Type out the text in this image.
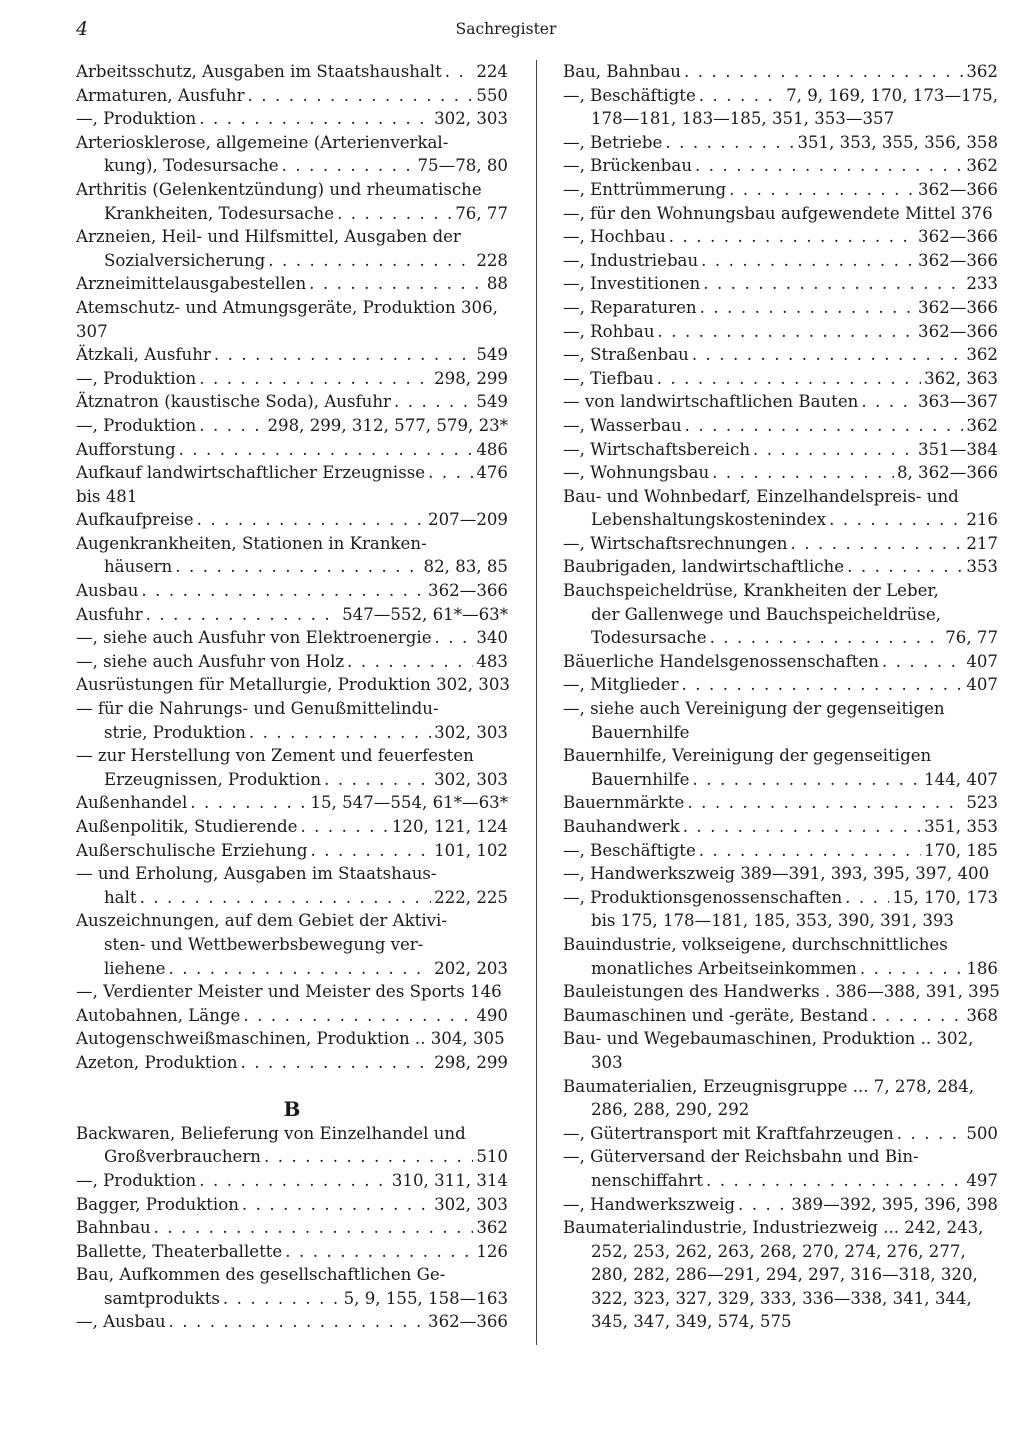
4	Sachregister
Arbeitsschutz, Ausgaben im Staatshaushalt . . . 224
Armaturen, Ausfuhr . . .	550
—, Produktion . . .	302, 303
Arteriosklerose, allgemeine (Arterienverkal-
kung), Todesursache . . .	75—78, 80
Arthritis (Gelenkentzündung) und rheumatische
Krankheiten, Todesursache . . .	76, 77
Arzneien, Heil- und Hilfsmittel, Ausgaben der
Sozialversicherung . . .	228
Arzneimittelausgabestellen . . .	88
Atemschutz- und Atmungsgeräte, Produktion 306,
307
Ätzkali, Ausfuhr . . .	549
—, Produktion . . .	298, 299
Ätznatron (kaustische Soda), Ausfuhr . . .	549
—, Produktion . . .	298, 299, 312, 577, 579, 23*
Aufforstung . . .	486
Aufkauf landwirtschaftlicher Erzeugnisse . . .	476
bis 481
Aufkaufpreise . . .	207—209
Augenkrankheiten, Stationen in Kranken-
häusern . . .	82, 83, 85
Ausbau . . .	362—366
Ausfuhr . . .	547—552, 61*—63*
—, siehe auch Ausfuhr von Elektroenergie . . .	340
—, siehe auch Ausfuhr von Holz . . .	483
Ausrüstungen für Metallurgie, Produktion 302, 303
— für die Nahrungs- und Genußmittelindu-
strie, Produktion . . .	302, 303
— zur Herstellung von Zement und feuerfesten
Erzeugnissen, Produktion . . .	302, 303
Außenhandel . . .	15, 547—554, 61*—63*
Außenpolitik, Studierende . . .	120, 121, 124
Außerschulische Erziehung . . .	101, 102
— und Erholung, Ausgaben im Staatshaus-
halt . . .	222, 225
Auszeichnungen, auf dem Gebiet der Aktivi-
sten- und Wettbewerbsbewegung ver-
liehene . . .	202, 203
—, Verdienter Meister und Meister des Sports 146
Autobahnen, Länge . . .	490
Autogenschweißmaschinen, Produktion .. 304, 305
Azeton, Produktion . . .	298, 299
B
Backwaren, Belieferung von Einzelhandel und
Großverbrauchern . . .	510
—, Produktion . . .	310, 311, 314
Bagger, Produktion . . .	302, 303
Bahnbau . . .	362
Ballette, Theaterballette . . .	126
Bau, Aufkommen des gesellschaftlichen Ge-
samtprodukts . . .	5, 9, 155, 158—163
—, Ausbau . . .	362—366
Bau, Bahnbau . . .	362
—, Beschäftigte . . .	7, 9, 169, 170, 173—175,
178—181, 183—185, 351, 353—357
—, Betriebe . . .	351, 353, 355, 356, 358
—, Brückenbau . . .	362
—, Enttrümmerung . . .	362—366
—, für den Wohnungsbau aufgewendete Mittel 376
—, Hochbau . . .	362—366
—, Industriebau . . .	362—366
—, Investitionen . . .	233
—, Reparaturen . . .	362—366
—, Rohbau . . .	362—366
—, Straßenbau . . .	362
—, Tiefbau . . .	362, 363
— von landwirtschaftlichen Bauten . . .	363—367
—, Wasserbau . . .	362
—, Wirtschaftsbereich . . .	351—384
—, Wohnungsbau . . .	8, 362—366
Bau- und Wohnbedarf, Einzelhandelspreis- und
Lebenshaltungskostenindex . . .	216
—, Wirtschaftsrechnungen . . .	217
Baubrigaden, landwirtschaftliche . . .	353
Bauchspeicheldrüse, Krankheiten der Leber,
der Gallenwege und Bauchspeicheldrüse,
Todesursache . . .	76, 77
Bäuerliche Handelsgenossenschaften . . .	407
—, Mitglieder . . .	407
—, siehe auch Vereinigung der gegenseitigen
Bauernhilfe
Bauernhilfe, Vereinigung der gegenseitigen
Bauernhilfe . . .	144, 407
Bauernmärkte . . .	523
Bauhandwerk . . .	351, 353
—, Beschäftigte . . .	170, 185
—, Handwerkszweig 389—391, 393, 395, 397, 400
—, Produktionsgenossenschaften . . .	15, 170, 173
bis 175, 178—181, 185, 353, 390, 391, 393
Bauindustrie, volkseigene, durchschnittliches
monatliches Arbeitseinkommen . . .	186
Bauleistungen des Handwerks . 386—388, 391, 395
Baumaschinen und -geräte, Bestand . . .	368
Bau- und Wegebaumaschinen, Produktion .. 302,
303
Baumaterialien, Erzeugnisgruppe ... 7, 278, 284,
286, 288, 290, 292
—, Gütertransport mit Kraftfahrzeugen . . .	500
—, Güterversand der Reichsbahn und Bin-
nenschiffahrt . . .	497
—, Handwerkszweig . . .	389—392, 395, 396, 398
Baumaterialindustrie, Industriezweig ... 242, 243,
252, 253, 262, 263, 268, 270, 274, 276, 277,
280, 282, 286—291, 294, 297, 316—318, 320,
322, 323, 327, 329, 333, 336—338, 341, 344,
345, 347, 349, 574, 575
